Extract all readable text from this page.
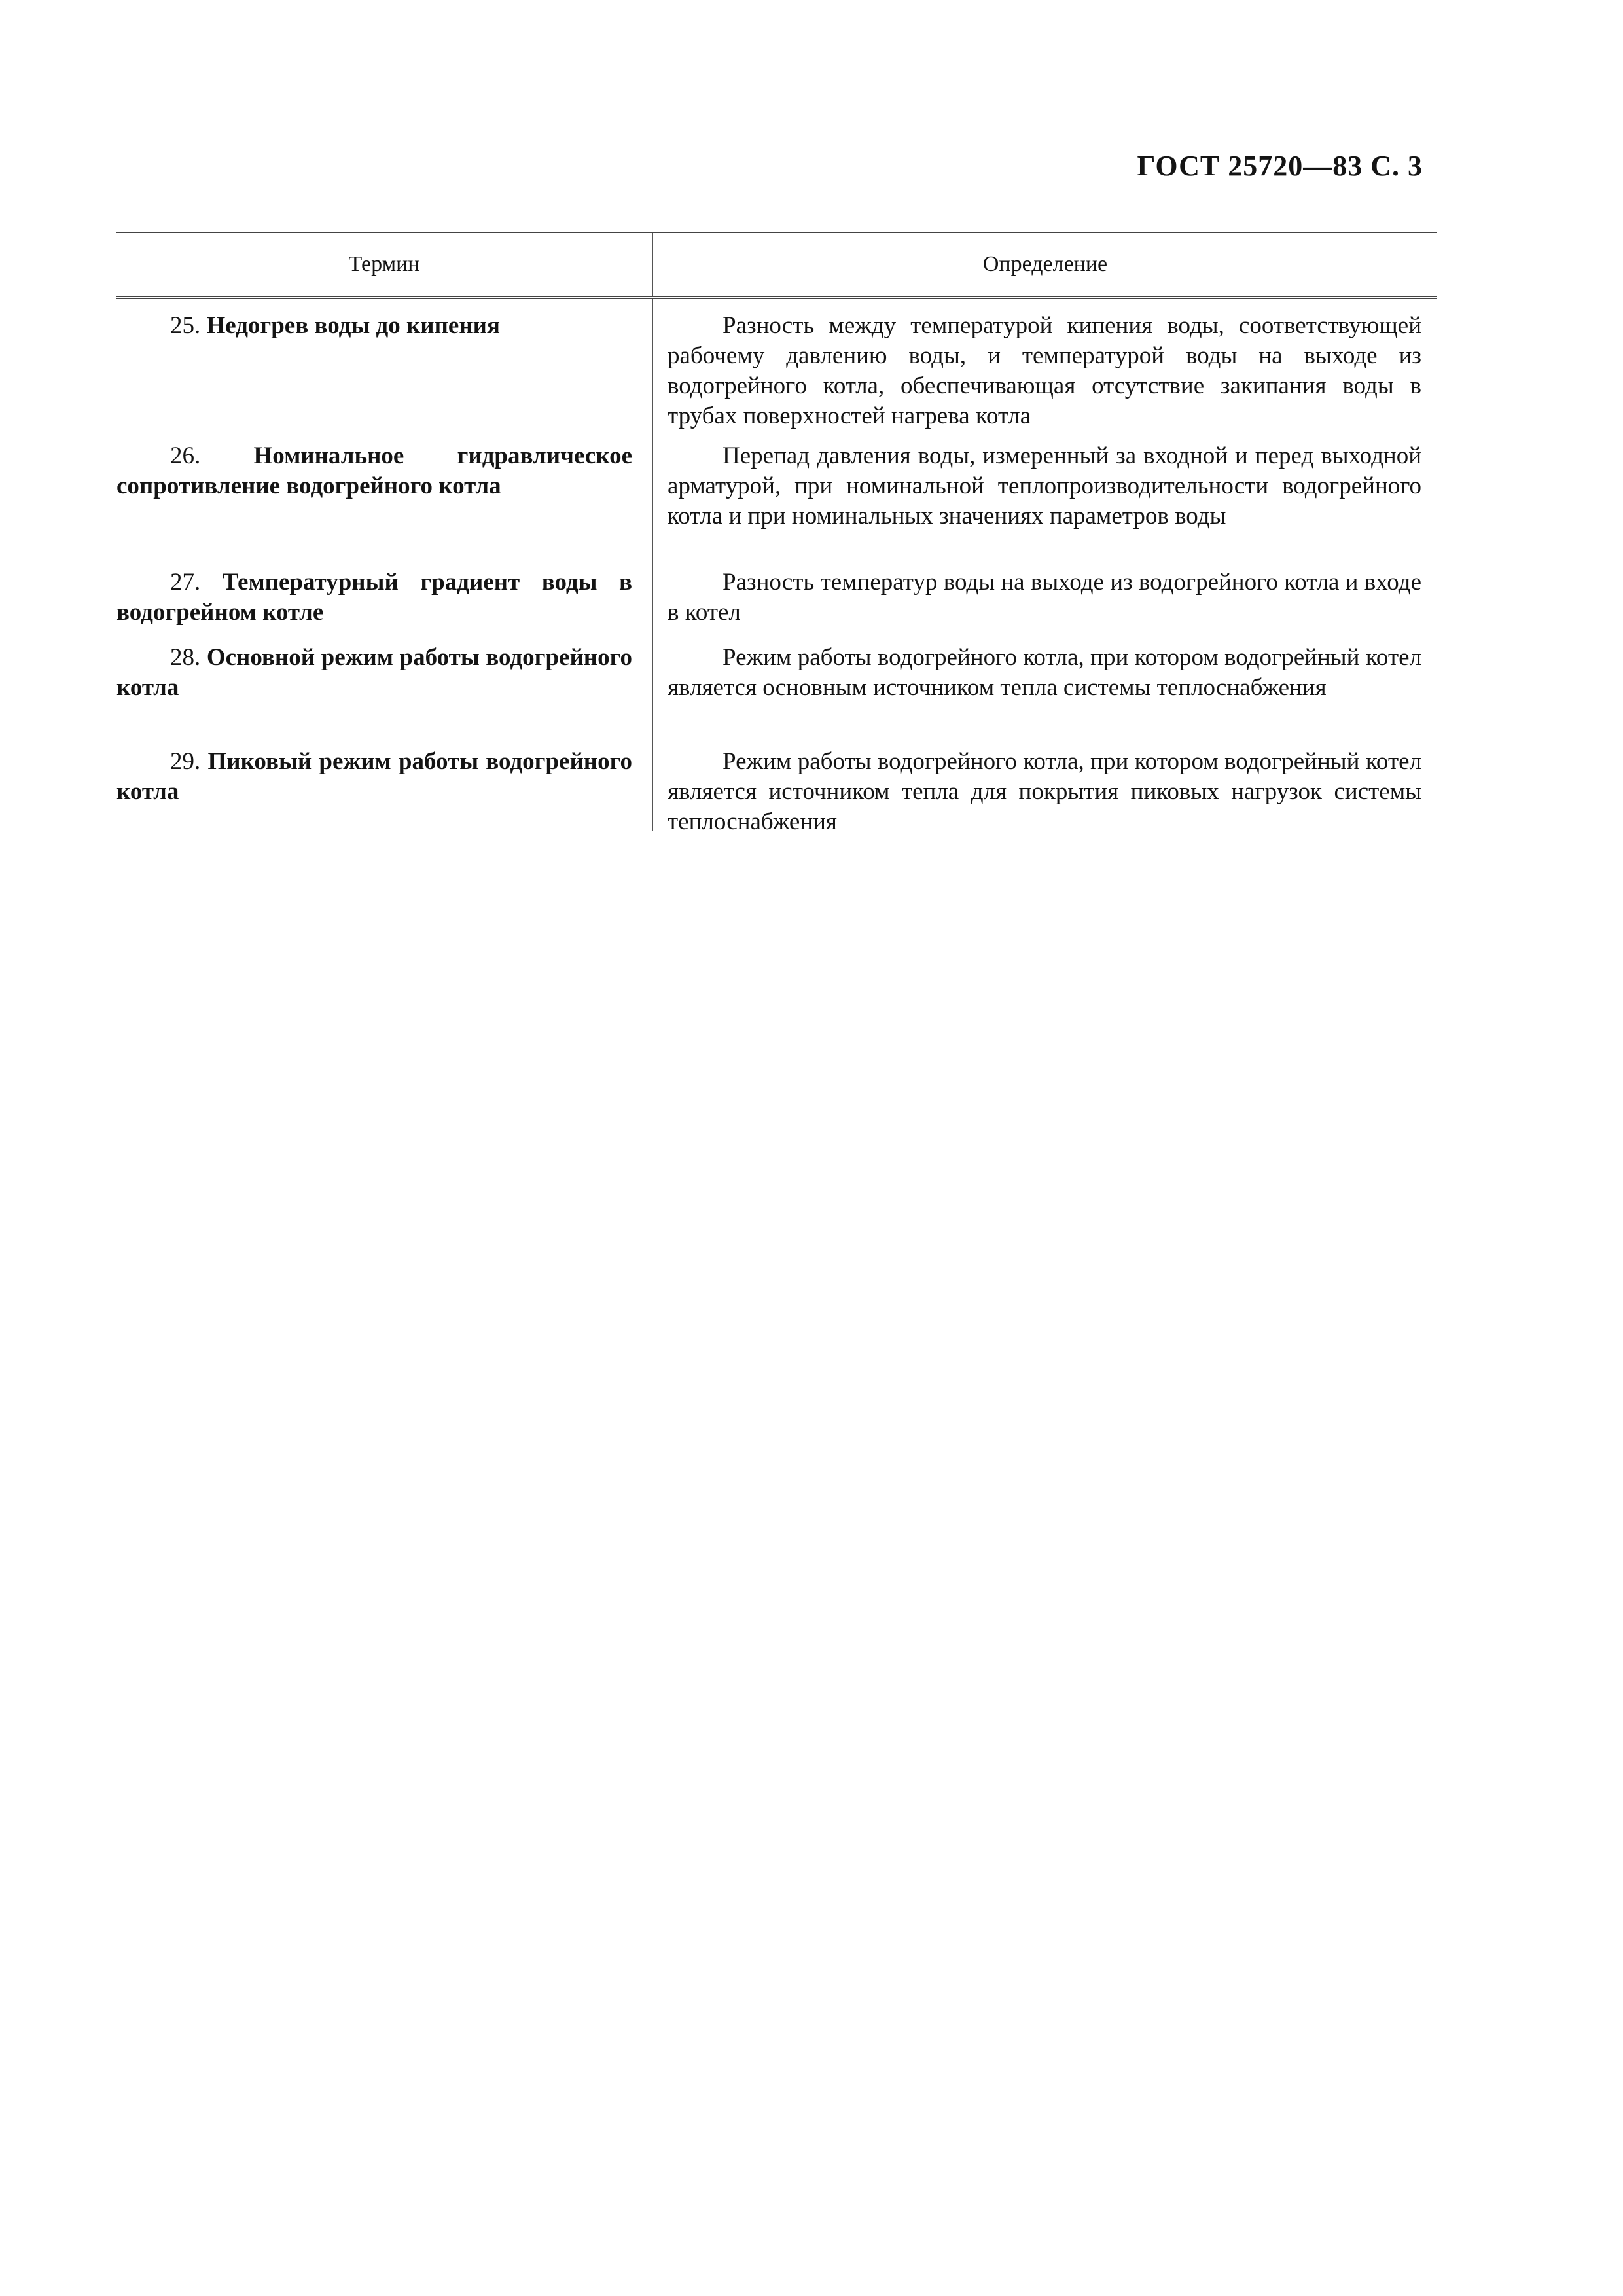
ГОСТ 25720—83 С. 3
Термин	Определение
25. Недогрев воды до кипения	Разность между температурой кипения воды, соответствующей рабочему давлению воды, и температурой воды на выходе из водогрейного котла, обеспечивающая отсутствие закипания воды в трубах поверхностей нагрева котла
26. Номинальное гидравлическое сопротивление водогрейного котла
Перепад давления воды, измеренный за входной и перед выходной арматурой, при номинальной теплопроизводительности водогрейного котла и при номинальных значениях параметров воды
27. Температурный градиент воды в водогрейном котле
Разность температур воды на выходе из водогрейного котла и входе в котел
28. Основной режим работы водогрейного котла
Режим работы водогрейного котла, при котором водогрейный котел является основным источником тепла системы теплоснабжения
29. Пиковый режим работы водогрейного котла
Режим работы водогрейного котла, при котором водогрейный котел является источником тепла для покрытия пиковых нагрузок системы теплоснабжения
